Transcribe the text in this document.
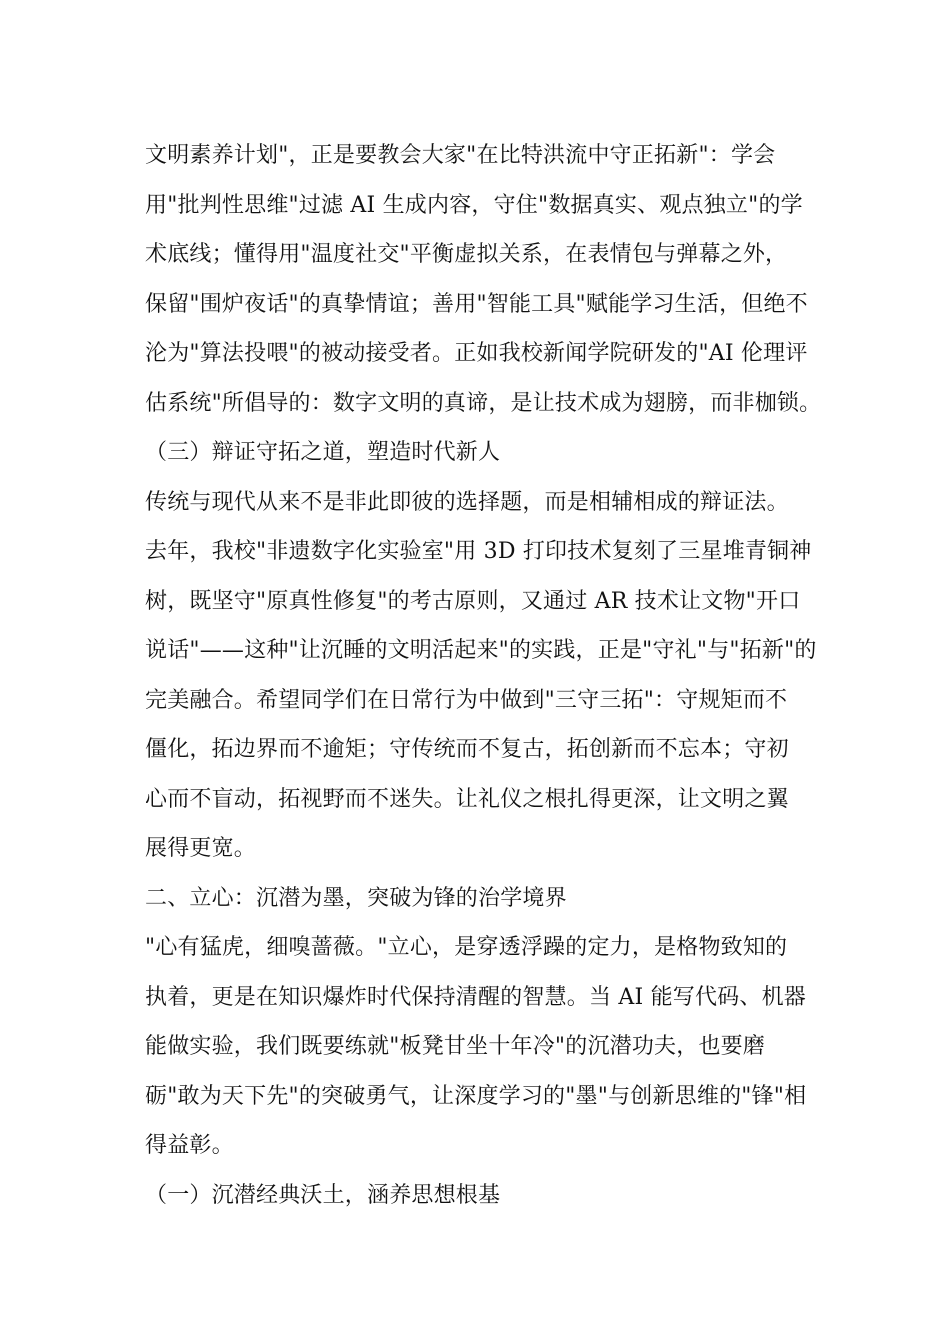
文明素养计划"，正是要教会大家"在比特洪流中守正拓新"：学会
用"批判性思维"过滤 AI 生成内容，守住"数据真实、观点独立"的学
术底线；懂得用"温度社交"平衡虚拟关系，在表情包与弹幕之外，
保留"围炉夜话"的真挚情谊；善用"智能工具"赋能学习生活，但绝不
沦为"算法投喂"的被动接受者。正如我校新闻学院研发的"AI 伦理评
估系统"所倡导的：数字文明的真谛，是让技术成为翅膀，而非枷锁。
（三）辩证守拓之道，塑造时代新人
传统与现代从来不是非此即彼的选择题，而是相辅相成的辩证法。
去年，我校"非遗数字化实验室"用 3D 打印技术复刻了三星堆青铜神
树，既坚守"原真性修复"的考古原则，又通过 AR 技术让文物"开口
说话"——这种"让沉睡的文明活起来"的实践，正是"守礼"与"拓新"的
完美融合。希望同学们在日常行为中做到"三守三拓"：守规矩而不
僵化，拓边界而不逾矩；守传统而不复古，拓创新而不忘本；守初
心而不盲动，拓视野而不迷失。让礼仪之根扎得更深，让文明之翼
展得更宽。
二、立心：沉潜为墨，突破为锋的治学境界
"心有猛虎，细嗅蔷薇。"立心，是穿透浮躁的定力，是格物致知的
执着，更是在知识爆炸时代保持清醒的智慧。当 AI 能写代码、机器
能做实验，我们既要练就"板凳甘坐十年冷"的沉潜功夫，也要磨
砺"敢为天下先"的突破勇气，让深度学习的"墨"与创新思维的"锋"相
得益彰。
（一）沉潜经典沃土，涵养思想根基
